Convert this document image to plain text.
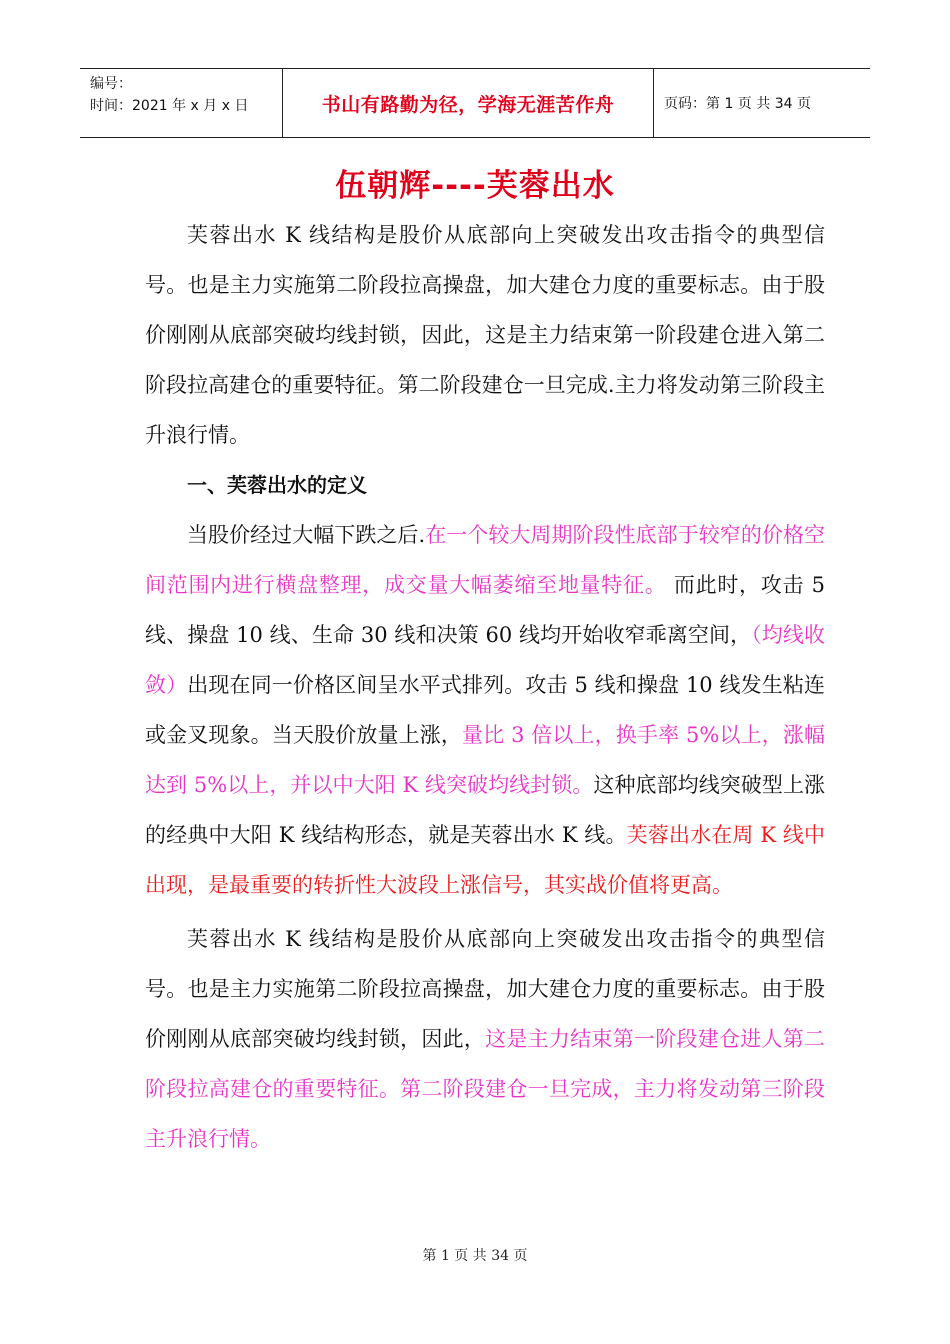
编号：
时间：2021 年 x 月 x 日	书山有路勤为径，学海无涯苦作舟	页码：第 1 页 共 34 页
伍朝辉----芙蓉出水

芙蓉出水 K 线结构是股价从底部向上突破发出攻击指令的典型信号。也是主力实施第二阶段拉高操盘，加大建仓力度的重要标志。由于股价刚刚从底部突破均线封锁，因此，这是主力结束第一阶段建仓进入第二阶段拉高建仓的重要特征。第二阶段建仓一旦完成.主力将发动第三阶段主升浪行情。

一、芙蓉出水的定义

当股价经过大幅下跌之后.在一个较大周期阶段性底部于较窄的价格空间范围内进行横盘整理，成交量大幅萎缩至地量特征。 而此时，攻击 5 线、操盘 10 线、生命 30 线和决策 60 线均开始收窄乖离空间，（均线收敛）出现在同一价格区间呈水平式排列。攻击 5 线和操盘 10 线发生粘连或金叉现象。当天股价放量上涨，量比 3 倍以上，换手率 5%以上，涨幅达到 5%以上，并以中大阳 K 线突破均线封锁。这种底部均线突破型上涨的经典中大阳 K 线结构形态，就是芙蓉出水 K 线。芙蓉出水在周 K 线中出现，是最重要的转折性大波段上涨信号，其实战价值将更高。

芙蓉出水 K 线结构是股价从底部向上突破发出攻击指令的典型信号。也是主力实施第二阶段拉高操盘，加大建仓力度的重要标志。由于股价刚刚从底部突破均线封锁，因此，这是主力结束第一阶段建仓进人第二阶段拉高建仓的重要特征。第二阶段建仓一旦完成，主力将发动第三阶段主升浪行情。

第 1 页 共 34 页
